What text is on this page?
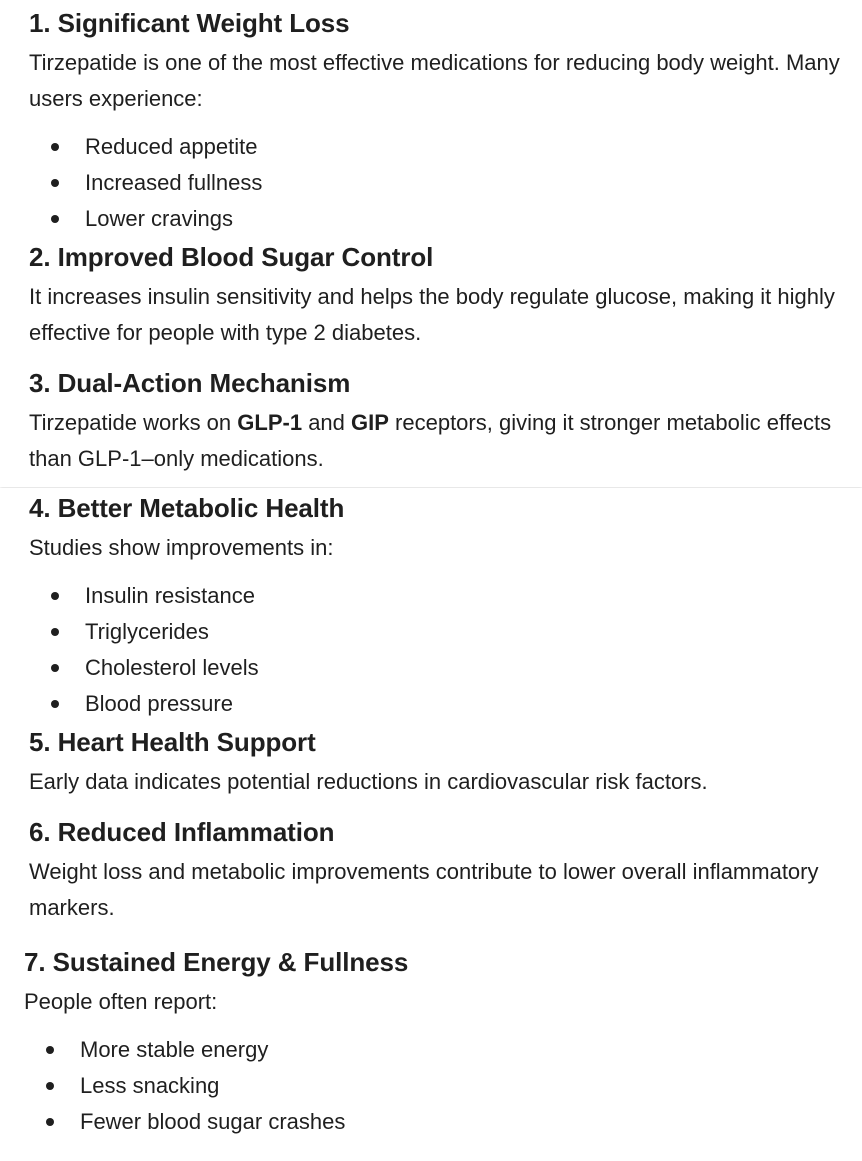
1. Significant Weight Loss

Tirzepatide is one of the most effective medications for reducing body weight. Many users experience:

Reduced appetite
Increased fullness
Lower cravings
2. Improved Blood Sugar Control

It increases insulin sensitivity and helps the body regulate glucose, making it highly effective for people with type 2 diabetes.

3. Dual-Action Mechanism

Tirzepatide works on GLP-1 and GIP receptors, giving it stronger metabolic effects than GLP-1–only medications.

4. Better Metabolic Health

Studies show improvements in:

Insulin resistance
Triglycerides
Cholesterol levels
Blood pressure
5. Heart Health Support

Early data indicates potential reductions in cardiovascular risk factors.

6. Reduced Inflammation

Weight loss and metabolic improvements contribute to lower overall inflammatory markers.

7. Sustained Energy & Fullness

People often report:

More stable energy
Less snacking
Fewer blood sugar crashes
